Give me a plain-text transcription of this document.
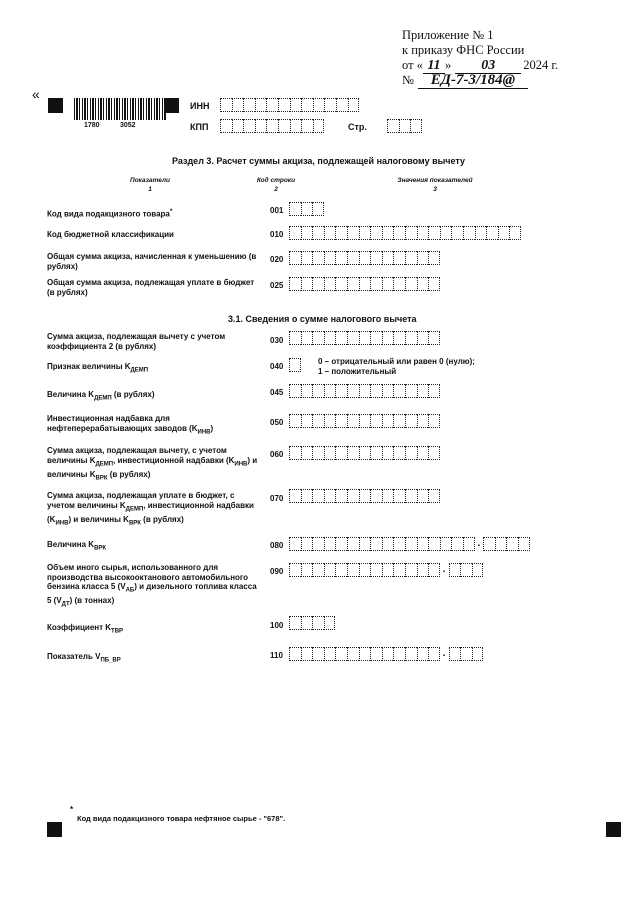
Приложение № 1
к приказу ФНС России
от « 11 » 03 2024 г.
№ ЕД-7-3/184@
«
1780	3052
ИНН
КПП	Стр.
Раздел 3. Расчет суммы акциза, подлежащей налоговому вычету
Показатели
1
Код строки
2
Значения показателей
3
Код вида подакцизного товара*	001
Код бюджетной классификации	010
Общая сумма акциза, начисленная к уменьшению (в рублях)
020
Общая сумма акциза, подлежащая уплате в бюджет (в рублях)
025
3.1. Сведения о сумме налогового вычета
Сумма акциза, подлежащая вычету с учетом коэффициента 2 (в рублях)
030
Признак величины $K_{ДЕМП}$	040
0 – отрицательный или равен 0 (нулю);
1 – положительный
Величина $K_{ДЕМП}$ (в рублях)	045
Инвестиционная надбавка для нефтеперерабатывающих заводов $(K_{ИНВ})$
050
Сумма акциза, подлежащая вычету, с учетом величины $K_{ДЕМП}$, инвестиционной надбавки $(K_{ИНВ})$ и величины $K_{ВРК}$ (в рублях)
060
Сумма акциза, подлежащая уплате в бюджет, с учетом величины $K_{ДЕМП}$, инвестиционной надбавки $(K_{ИНВ})$ и величины $K_{ВРК}$ (в рублях)
070
Величина $K_{ВРК}$	080	.
Объем иного сырья, использованного для производства высокооктанового автомобильного бензина класса 5 $(V_{АБ})$ и дизельного топлива класса 5 $(V_{ДТ})$ (в тоннах)
090	.
Коэффициент $K_{ТВР}$
100
Показатель $V_{ПБ\_ВР}$
110	.
*
Код вида подакцизного товара нефтяное сырье - "678".
